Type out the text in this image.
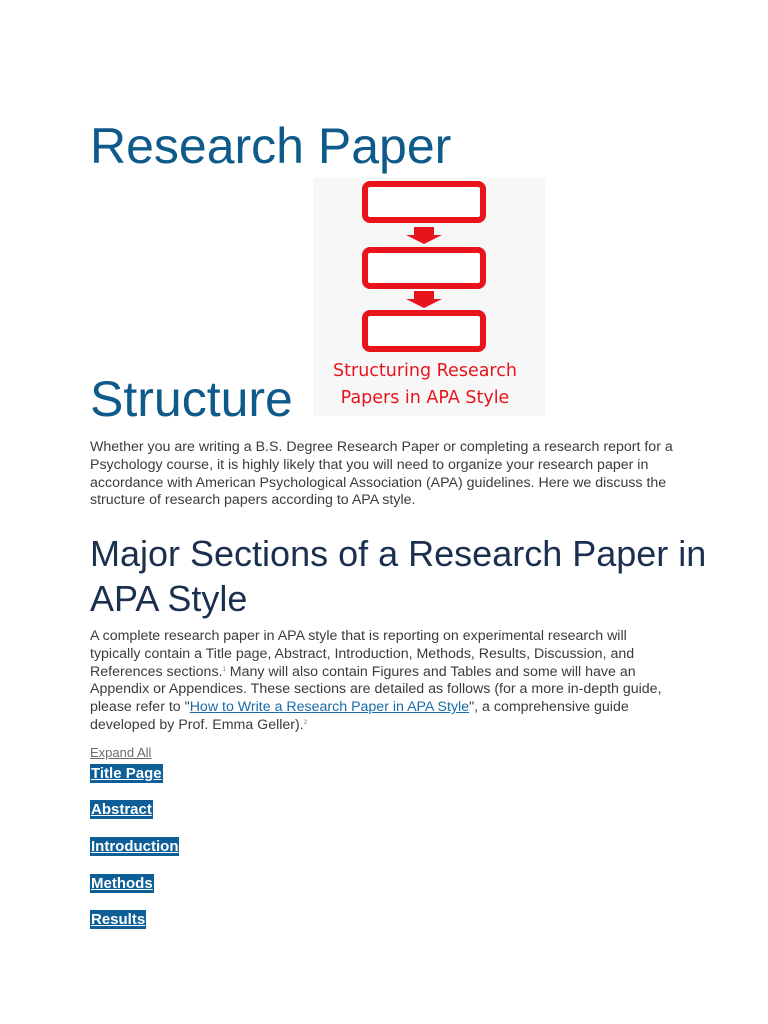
Research Paper
Structuring Research
Papers in APA Style
Structure

Whether you are writing a B.S. Degree Research Paper or completing a research report for a Psychology course, it is highly likely that you will need to organize your research paper in accordance with American Psychological Association (APA) guidelines. Here we discuss the structure of research papers according to APA style.

Major Sections of a Research Paper in APA Style

A complete research paper in APA style that is reporting on experimental research will typically contain a Title page, Abstract, Introduction, Methods, Results, Discussion, and References sections.$^1$ Many will also contain Figures and Tables and some will have an Appendix or Appendices. These sections are detailed as follows (for a more in-depth guide, please refer to "How to Write a Research Paper in APA Style", a comprehensive guide developed by Prof. Emma Geller).$^2$

Expand All
Title Page
Abstract
Introduction
Methods
Results
